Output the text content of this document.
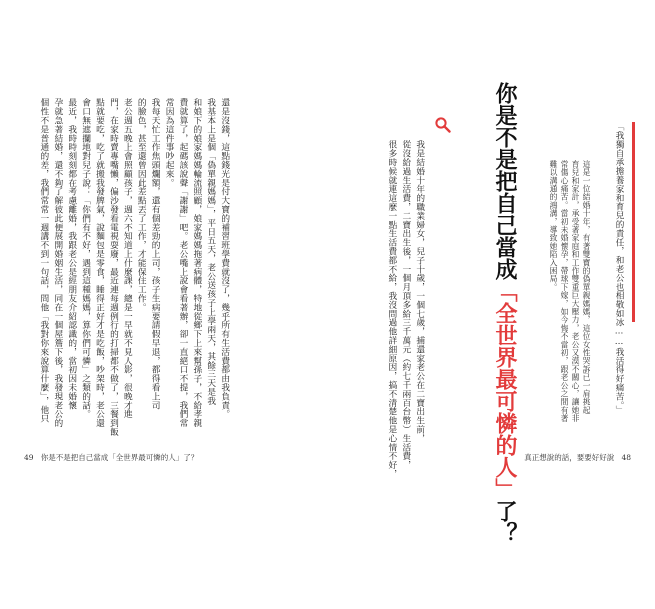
「我獨自承擔養家和育兒的責任，和老公也相敬如冰……我活得好痛苦。」
這是一位結婚十年，有著雙寶的偽單親媽媽，這位女性哭訴已一肩挑起
育兒和家計，承受著家庭和工作雙重巨大壓力，老公又漠不關心，讓她非
常傷心痛苦。當初未婚懷孕，帶球下嫁，如今悔不當初，跟老公之間有著
難以溝通的鴻溝，導致她陷入困局。
你是不是把自己當成「全世界最可憐的人」了？
我是結婚十年的職業婦女，兒子十歲，一個七歲，捕還家老公在二寶出生前，
從沒給過生活費，二寶出生後，一個月頂多給三千萬元（約七千兩百台幣）生活費，
很多時候就連這麼一點生活費都不給，我沒問過他詳細原因，搞不清楚他是心情不好，
還是沒錢，這點錢光是付大寶的補習班學費就沒了，幾乎所有生活費都由我負責。
我基本上是個「偽單親媽媽」，平日五天，老公送孩子上學兩天，其餘三天是我
和娘下的娘家媽媽輪流照顧，娘家媽媽拖著病體，特地從鄉下上來幫孫子，不給孝親
費就算了，起碼該說聲「謝謝」吧。老公嘴上說會看著辦，卻一直絕口不提，我們常
常因為這件事吵起來。
我每天忙工作焦頭爛額，還有個差勁的上司，孩子生病要請假早退，都得看上司
的臉色，甚至還曾因此差點丟了工作，才能保住工作。
老公週五晚上會照顧孩子，週六不知道上什麼課，總是一早就不見人影，很晚才進
門，在家時賣專嘴懶，偏沙發看電視耍廢，最近連每週例行的打掃都不做了，三餐到飯
點就要吃，吃了就搬我發脾氣，說麵包是零食，睡得正好才是吃飯，吵架時，老公還
會口無遮攔地對兒子說：「你們有不好，遇到這種媽媽，算你們可憐」之類的話。
最近，我時時刻刻都在考慮離婚，我跟老公是經朋友介紹認識的，當初因未婚懷
孕就急著結婚，還不夠了解彼此便展開婚姻生活，同在一個屋簷下後，我發現老公的
個性不是普通的差，我們常常一週講不到一句話，問他「我對你來說算什麼」，他只
49 你是不是把自己當成「全世界最可憐的人」了？	真正想說的話，要要好好說 48
